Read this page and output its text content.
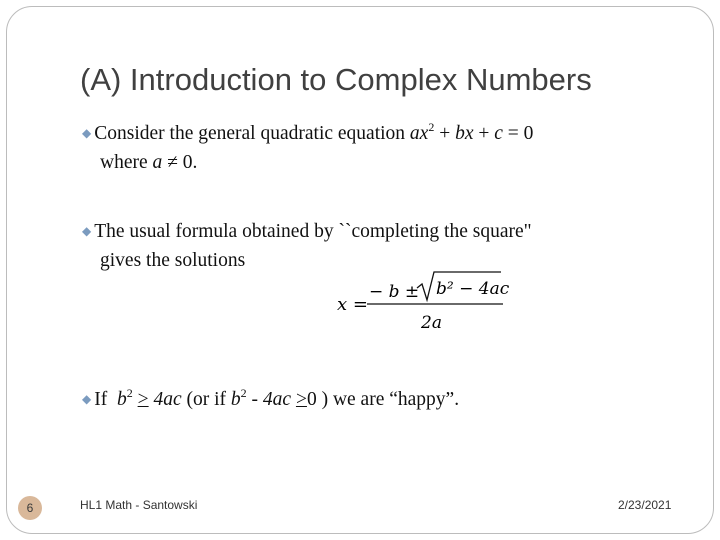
(A) Introduction to Complex Numbers
◆ Consider the general quadratic equation $ax^2$ + bx + c = 0
where a ≠ 0.
◆ The usual formula obtained by ``completing the square"
gives the solutions
x =
− b ± b² − 4ac
2a
◆ If $b^2 > 4ac$ (or if $b^2 - 4ac >0$ ) we are “happy”.
6	HL1 Math - Santowski	2/23/2021
